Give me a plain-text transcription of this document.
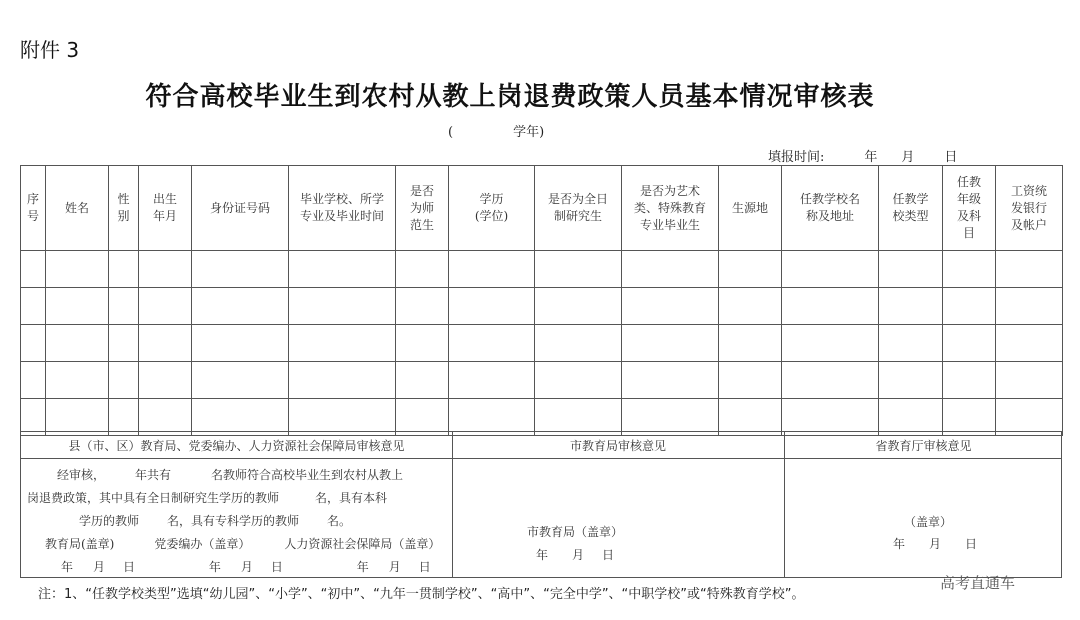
附件 3
符合高校毕业生到农村从教上岗退费政策人员基本情况审核表
(	学年)
填报时间:	年 月 日
序号	姓名	性别	出生年月	身份证号码	毕业学校、所学专业及毕业时间	是否为师范生	学历(学位)	是否为全日制研究生	是否为艺术类、特殊教育专业毕业生	生源地	任教学校名称及地址	任教学校类型	任教年级及科目	工资统发银行及帐户

县（市、区）教育局、党委编办、人力资源社会保障局审核意见	市教育局审核意见	省教育厅审核意见
经审核，	年共有	名教师符合高校毕业生到农村从教上
岗退费政策，其中具有全日制研究生学历的教师	名，具有本科
学历的教师 名，具有专科学历的教师 名。
教育局(盖章)	党委编办（盖章）	人力资源社会保障局（盖章）
年 月 日	年 月 日	年 月 日
市教育局（盖章）
年 月 日
（盖章）
年 月 日
注：1、“任教学校类型”选填“幼儿园”、“小学”、“初中”、“九年一贯制学校”、“高中”、“完全中学”、“中职学校”或“特殊教育学校”。
高考直通车
